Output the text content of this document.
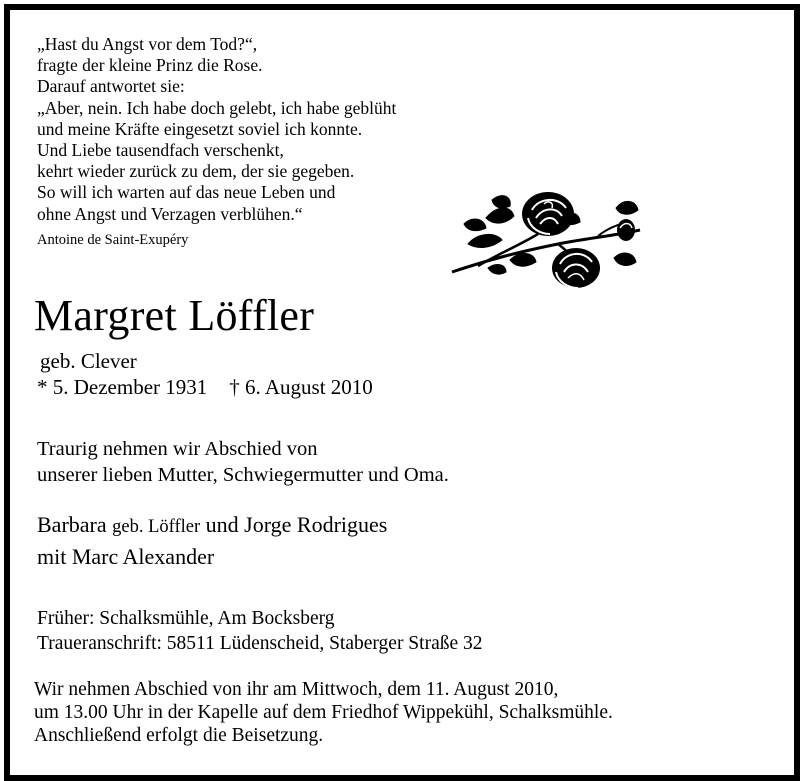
„Hast du Angst vor dem Tod?“,
fragte der kleine Prinz die Rose.
Darauf antwortet sie:
„Aber, nein. Ich habe doch gelebt, ich habe geblüht
und meine Kräfte eingesetzt soviel ich konnte.
Und Liebe tausendfach verschenkt,
kehrt wieder zurück zu dem, der sie gegeben.
So will ich warten auf das neue Leben und
ohne Angst und Verzagen verblühen.“
Antoine de Saint-Exupéry
Margret Löffler
geb. Clever
* 5. Dezember 1931 † 6. August 2010
Traurig nehmen wir Abschied von
unserer lieben Mutter, Schwiegermutter und Oma.
Barbara geb. Löffler und Jorge Rodrigues
mit Marc Alexander
Früher: Schalksmühle, Am Bocksberg
Traueranschrift: 58511 Lüdenscheid, Staberger Straße 32
Wir nehmen Abschied von ihr am Mittwoch, dem 11. August 2010,
um 13.00 Uhr in der Kapelle auf dem Friedhof Wippekühl, Schalksmühle.
Anschließend erfolgt die Beisetzung.
